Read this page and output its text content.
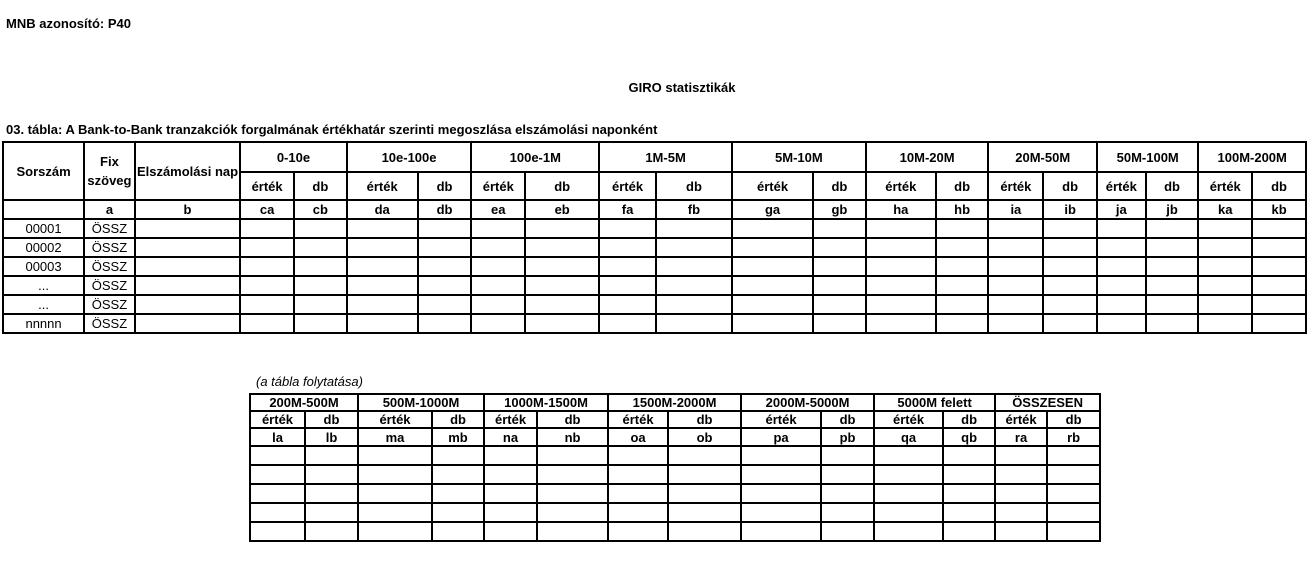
MNB azonosító: P40
GIRO statisztikák
03. tábla: A Bank-to-Bank tranzakciók forgalmának értékhatár szerinti megoszlása elszámolási naponként
Sorszám	Fix szöveg	Elszámolási nap	0-10e		10e-100e		100e-1M		1M-5M		5M-10M		10M-20M		20M-50M		50M-100M		100M-200M	
			érték	db	érték	db	érték	db	érték	db	érték	db	érték	db	érték	db	érték	db	érték	db
	a	b	ca	cb	da	db	ea	eb	fa	fb	ga	gb	ha	hb	ia	ib	ja	jb	ka	kb
00001	ÖSSZ																			
00002	ÖSSZ																			
00003	ÖSSZ																			
...	ÖSSZ																			
...	ÖSSZ																			
nnnnn	ÖSSZ																			
(a tábla folytatása)
200M-500M		500M-1000M		1000M-1500M		1500M-2000M		2000M-5000M		5000M felett		ÖSSZESEN	
érték	db	érték	db	érték	db	érték	db	érték	db	érték	db	érték	db
la	lb	ma	mb	na	nb	oa	ob	pa	pb	qa	qb	ra	rb
